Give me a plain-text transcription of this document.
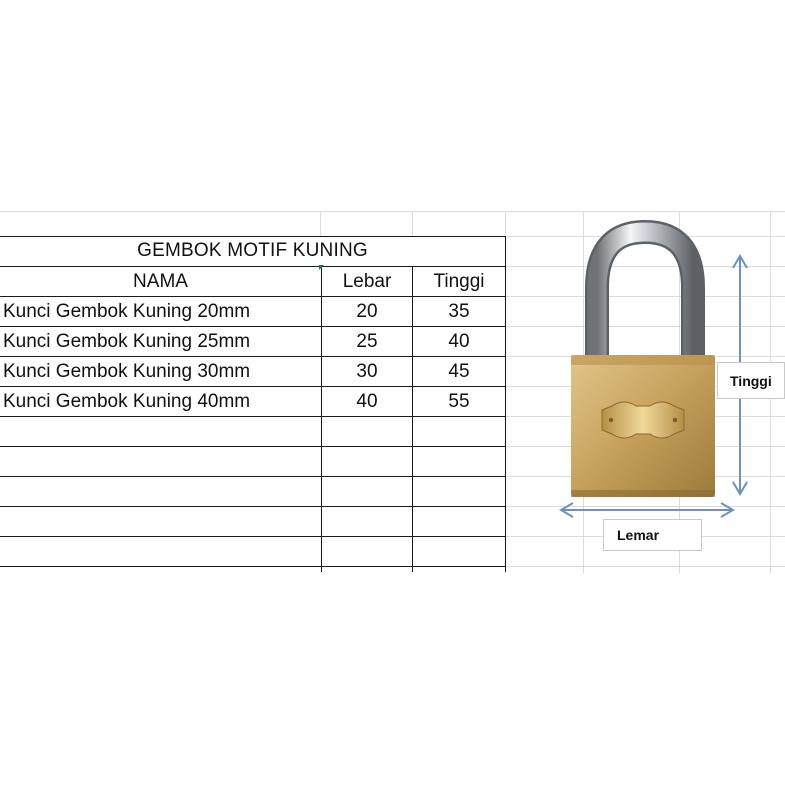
GEMBOK MOTIF KUNING
NAMA	Lebar	Tinggi
Kunci Gembok Kuning 20mm	20	35
Kunci Gembok Kuning 25mm	25	40
Kunci Gembok Kuning 30mm	30	45
Kunci Gembok Kuning 40mm	40	55
Tinggi
Lemar
